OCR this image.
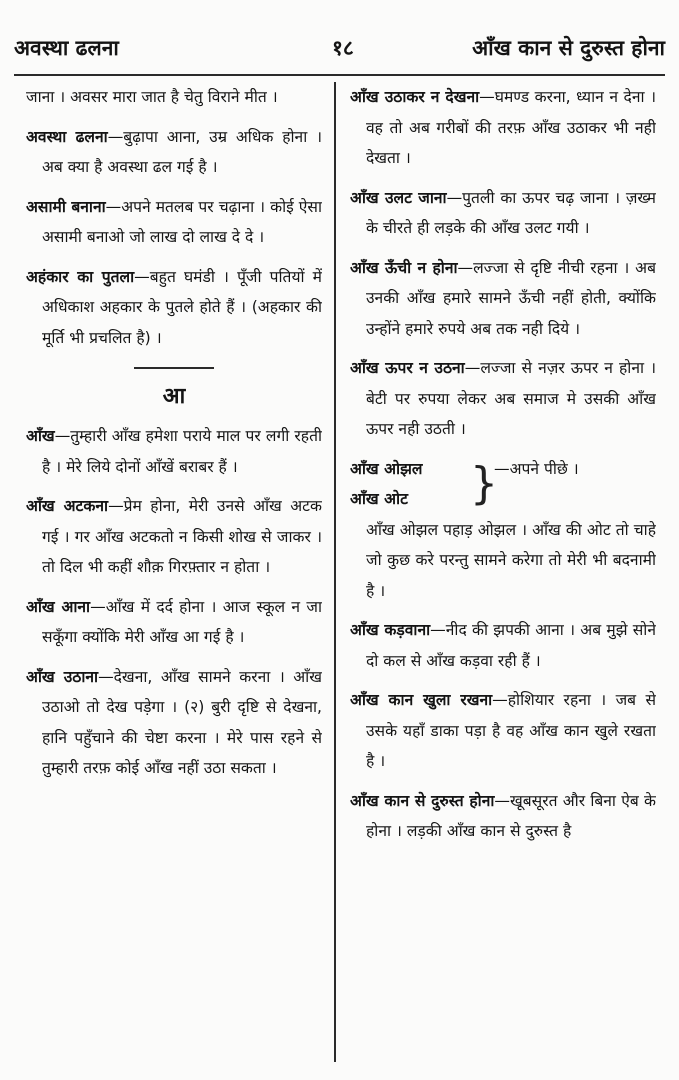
अवस्था ढलना	१८	आँख कान से दुरुस्त होना

जाना । अवसर मारा जात है चेतु विराने मीत ।

अवस्था ढलना—बुढ़ापा आना, उम्र अधिक होना । अब क्या है अवस्था ढल गई है ।

असामी बनाना—अपने मतलब पर चढ़ाना । कोई ऐसा असामी बनाओ जो लाख दो लाख दे दे ।

अहंकार का पुतला—बहुत घमंडी । पूँजी पतियों में अधिकाश अहकार के पुतले होते हैं । (अहकार की मूर्ति भी प्रचलित है) ।

आ

आँख—तुम्हारी आँख हमेशा पराये माल पर लगी रहती है । मेरे लिये दोनों आँखें बराबर हैं ।

आँख अटकना—प्रेम होना, मेरी उनसे आँख अटक गई । गर आँख अटकतो न किसी शोख से जाकर । तो दिल भी कहीं शौक़ गिरफ़्तार न होता ।

आँख आना—आँख में दर्द होना । आज स्कूल न जा सकूँगा क्योंकि मेरी आँख आ गई है ।

आँख उठाना—देखना, आँख सामने करना । आँख उठाओ तो देख पड़ेगा । (२) बुरी दृष्टि से देखना, हानि पहुँचाने की चेष्टा करना । मेरे पास रहने से तुम्हारी तरफ़ कोई आँख नहीं उठा सकता ।

आँख उठाकर न देखना—घमण्ड करना, ध्यान न देना । वह तो अब गरीबों की तरफ़ आँख उठाकर भी नही देखता ।

आँख उलट जाना—पुतली का ऊपर चढ़ जाना । ज़ख्म के चीरते ही लड़के की आँख उलट गयी ।

आँख ऊँची न होना—लज्जा से दृष्टि नीची रहना । अब उनकी आँख हमारे सामने ऊँची नहीं होती, क्योंकि उन्होंने हमारे रुपये अब तक नही दिये ।

आँख ऊपर न उठना—लज्जा से नज़र ऊपर न होना । बेटी पर रुपया लेकर अब समाज मे उसकी आँख ऊपर नही उठती ।

आँख ओझल	—अपने पीछे ।
आँख ओट	}
आँख ओझल पहाड़ ओझल । आँख की ओट तो चाहे जो कुछ करे परन्तु सामने करेगा तो मेरी भी बदनामी है ।

आँख कड़वाना—नीद की झपकी आना । अब मुझे सोने दो कल से आँख कड़वा रही हैं ।

आँख कान खुला रखना—होशियार रहना । जब से उसके यहाँ डाका पड़ा है वह आँख कान खुले रखता है ।

आँख कान से दुरुस्त होना—खूबसूरत और बिना ऐब के होना । लड़की आँख कान से दुरुस्त है
